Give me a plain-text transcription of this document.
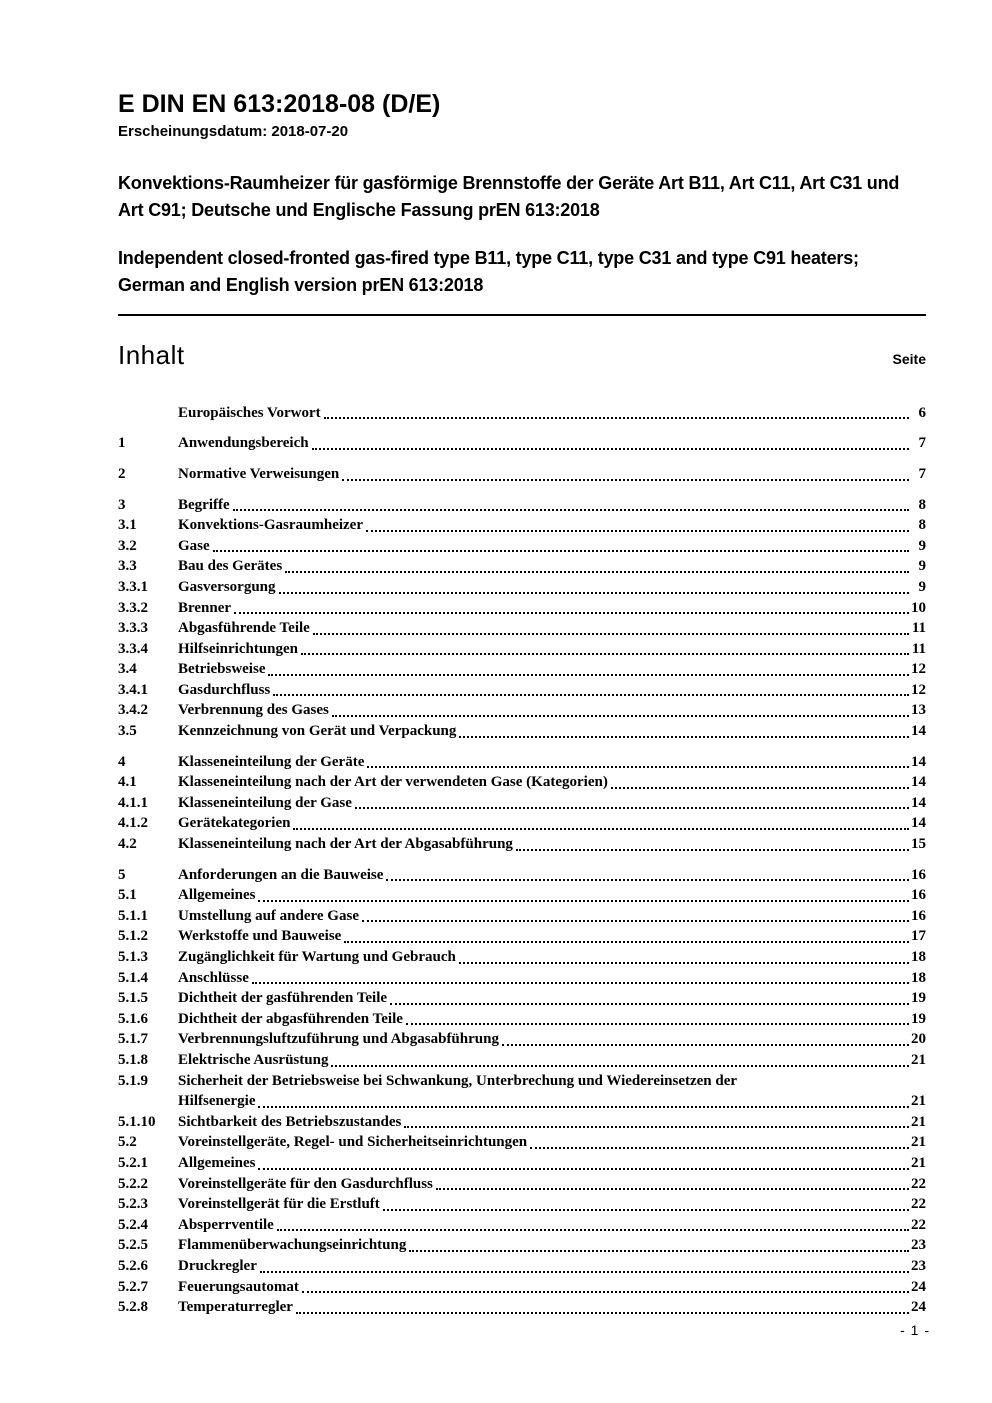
E DIN EN 613:2018-08 (D/E)
Erscheinungsdatum: 2018-07-20
Konvektions-Raumheizer für gasförmige Brennstoffe der Geräte Art B11, Art C11, Art C31 und Art C91; Deutsche und Englische Fassung prEN 613:2018
Independent closed-fronted gas-fired type B11, type C11, type C31 and type C91 heaters; German and English version prEN 613:2018
Inhalt	Seite
Europäisches Vorwort	6
1	Anwendungsbereich	7
2	Normative Verweisungen	7
3	Begriffe	8
3.1	Konvektions-Gasraumheizer	8
3.2	Gase	9
3.3	Bau des Gerätes	9
3.3.1	Gasversorgung	9
3.3.2	Brenner	10
3.3.3	Abgasführende Teile	11
3.3.4	Hilfseinrichtungen	11
3.4	Betriebsweise	12
3.4.1	Gasdurchfluss	12
3.4.2	Verbrennung des Gases	13
3.5	Kennzeichnung von Gerät und Verpackung	14
4	Klasseneinteilung der Geräte	14
4.1	Klasseneinteilung nach der Art der verwendeten Gase (Kategorien)	14
4.1.1	Klasseneinteilung der Gase	14
4.1.2	Gerätekategorien	14
4.2	Klasseneinteilung nach der Art der Abgasabführung	15
5	Anforderungen an die Bauweise	16
5.1	Allgemeines	16
5.1.1	Umstellung auf andere Gase	16
5.1.2	Werkstoffe und Bauweise	17
5.1.3	Zugänglichkeit für Wartung und Gebrauch	18
5.1.4	Anschlüsse	18
5.1.5	Dichtheit der gasführenden Teile	19
5.1.6	Dichtheit der abgasführenden Teile	19
5.1.7	Verbrennungsluftzuführung und Abgasabführung	20
5.1.8	Elektrische Ausrüstung	21
5.1.9	Sicherheit der Betriebsweise bei Schwankung, Unterbrechung und Wiedereinsetzen der
Hilfsenergie	21
5.1.10	Sichtbarkeit des Betriebszustandes	21
5.2	Voreinstellgeräte, Regel- und Sicherheitseinrichtungen	21
5.2.1	Allgemeines	21
5.2.2	Voreinstellgeräte für den Gasdurchfluss	22
5.2.3	Voreinstellgerät für die Erstluft	22
5.2.4	Absperrventile	22
5.2.5	Flammenüberwachungseinrichtung	23
5.2.6	Druckregler	23
5.2.7	Feuerungsautomat	24
5.2.8	Temperaturregler	24
- 1 -
